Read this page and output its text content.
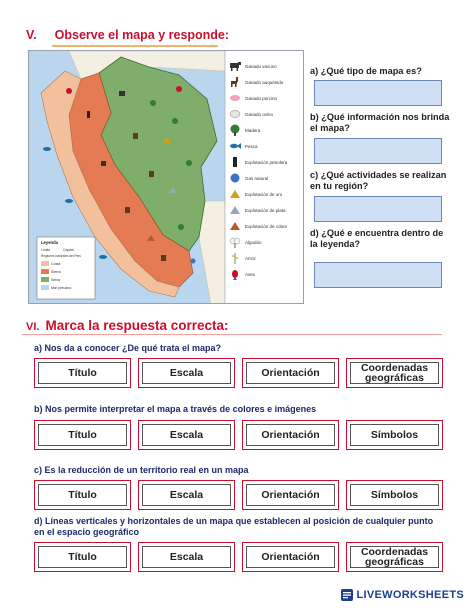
V. Observe el mapa y responde:
Leyenda
Límite	Capital
Regiones naturales del Perú
Costa
Sierra
Selva
Mar peruano
Ganado vacuno
Ganado auquénido
Ganado porcino
Ganado ovino
Madera
Pesca
Explotación petrolera
Gas natural
Explotación de oro
Explotación de plata
Explotación de cobre
Algodón
Arroz
Aves
a) ¿Qué tipo de mapa es?
b) ¿Qué información nos brinda el mapa?
c) ¿Qué actividades se realizan en tu región?
d) ¿Qué e encuentra dentro de la leyenda?
VI. Marca la respuesta correcta:
a) Nos da a conocer ¿De qué trata el mapa?
Título	Escala	Orientación	Coordenadas geográficas
b) Nos permite interpretar el mapa a través de colores e imágenes
Título	Escala	Orientación	Símbolos
c) Es la reducción de un territorio real en un mapa
Título	Escala	Orientación	Símbolos
d) Líneas verticales y horizontales de un mapa que establecen al posición de cualquier punto en el espacio geográfico
Título	Escala	Orientación	Coordenadas geográficas
LIVEWORKSHEETS
